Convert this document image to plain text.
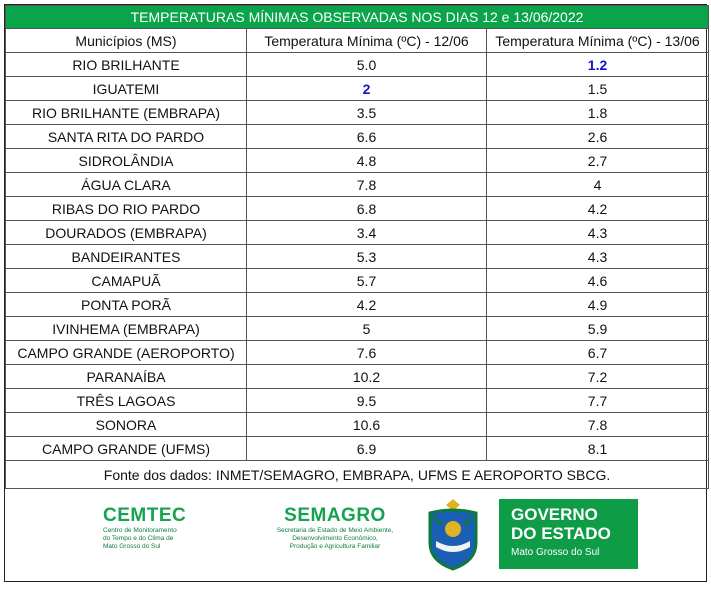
TEMPERATURAS MÍNIMAS OBSERVADAS NOS DIAS 12 e 13/06/2022		
Municípios (MS)	Temperatura Mínima (ºC) - 12/06	Temperatura Mínima (ºC) - 13/06
RIO BRILHANTE	5.0	1.2
IGUATEMI	2	1.5
RIO BRILHANTE (EMBRAPA)	3.5	1.8
SANTA RITA DO PARDO	6.6	2.6
SIDROLÂNDIA	4.8	2.7
ÁGUA CLARA	7.8	4
RIBAS DO RIO PARDO	6.8	4.2
DOURADOS (EMBRAPA)	3.4	4.3
BANDEIRANTES	5.3	4.3
CAMAPUÃ	5.7	4.6
PONTA PORÃ	4.2	4.9
IVINHEMA (EMBRAPA)	5	5.9
CAMPO GRANDE (AEROPORTO)	7.6	6.7
PARANAÍBA	10.2	7.2
TRÊS LAGOAS	9.5	7.7
SONORA	10.6	7.8
CAMPO GRANDE (UFMS)	6.9	8.1
Fonte dos dados: INMET/SEMAGRO, EMBRAPA, UFMS E AEROPORTO SBCG.		
CEMTEC
Centro de Monitoramento
do Tempo e do Clima de
Mato Grosso do Sul
SEMAGRO
Secretaria de Estado de Meio Ambiente,
Desenvolvimento Econômico,
Produção e Agricultura Familiar
GOVERNO
DO ESTADO
Mato Grosso do Sul
